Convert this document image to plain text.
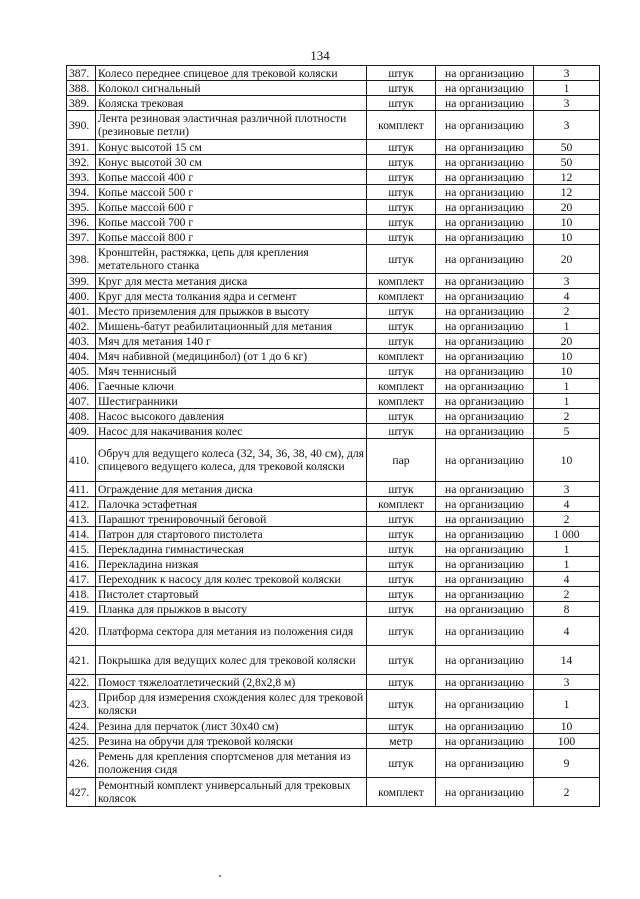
134
387.	Колесо переднее спицевое для трековой коляски	штук	на организацию	3
388.	Колокол сигнальный	штук	на организацию	1
389.	Коляска трековая	штук	на организацию	3
390.	Лента резиновая эластичная различной плотности (резиновые петли)	комплект	на организацию	3
391.	Конус высотой 15 см	штук	на организацию	50
392.	Конус высотой 30 см	штук	на организацию	50
393.	Копье массой 400 г	штук	на организацию	12
394.	Копье массой 500 г	штук	на организацию	12
395.	Копье массой 600 г	штук	на организацию	20
396.	Копье массой 700 г	штук	на организацию	10
397.	Копье массой 800 г	штук	на организацию	10
398.	Кронштейн, растяжка, цепь для крепления метательного станка	штук	на организацию	20
399.	Круг для места метания диска	комплект	на организацию	3
400.	Круг для места толкания ядра и сегмент	комплект	на организацию	4
401.	Место приземления для прыжков в высоту	штук	на организацию	2
402.	Мишень-батут реабилитационный для метания	штук	на организацию	1
403.	Мяч для метания 140 г	штук	на организацию	20
404.	Мяч набивной (медицинбол) (от 1 до 6 кг)	комплект	на организацию	10
405.	Мяч теннисный	штук	на организацию	10
406.	Гаечные ключи	комплект	на организацию	1
407.	Шестигранники	комплект	на организацию	1
408.	Насос высокого давления	штук	на организацию	2
409.	Насос для накачивания колес	штук	на организацию	5
410.	Обруч для ведущего колеса (32, 34, 36, 38, 40 см), для спицевого ведущего колеса, для трековой коляски	пар	на организацию	10
411.	Ограждение для метания диска	штук	на организацию	3
412.	Палочка эстафетная	комплект	на организацию	4
413.	Парашют тренировочный беговой	штук	на организацию	2
414.	Патрон для стартового пистолета	штук	на организацию	1 000
415.	Перекладина гимнастическая	штук	на организацию	1
416.	Перекладина низкая	штук	на организацию	1
417.	Переходник к насосу для колес трековой коляски	штук	на организацию	4
418.	Пистолет стартовый	штук	на организацию	2
419.	Планка для прыжков в высоту	штук	на организацию	8
420.	Платформа сектора для метания из положения сидя	штук	на организацию	4
421.	Покрышка для ведущих колес для трековой коляски	штук	на организацию	14
422.	Помост тяжелоатлетический (2,8x2,8 м)	штук	на организацию	3
423.	Прибор для измерения схождения колес для трековой коляски	штук	на организацию	1
424.	Резина для перчаток (лист 30x40 см)	штук	на организацию	10
425.	Резина на обручи для трековой коляски	метр	на организацию	100
426.	Ремень для крепления спортсменов для метания из положения сидя	штук	на организацию	9
427.	Ремонтный комплект универсальный для трековых колясок	комплект	на организацию	2
